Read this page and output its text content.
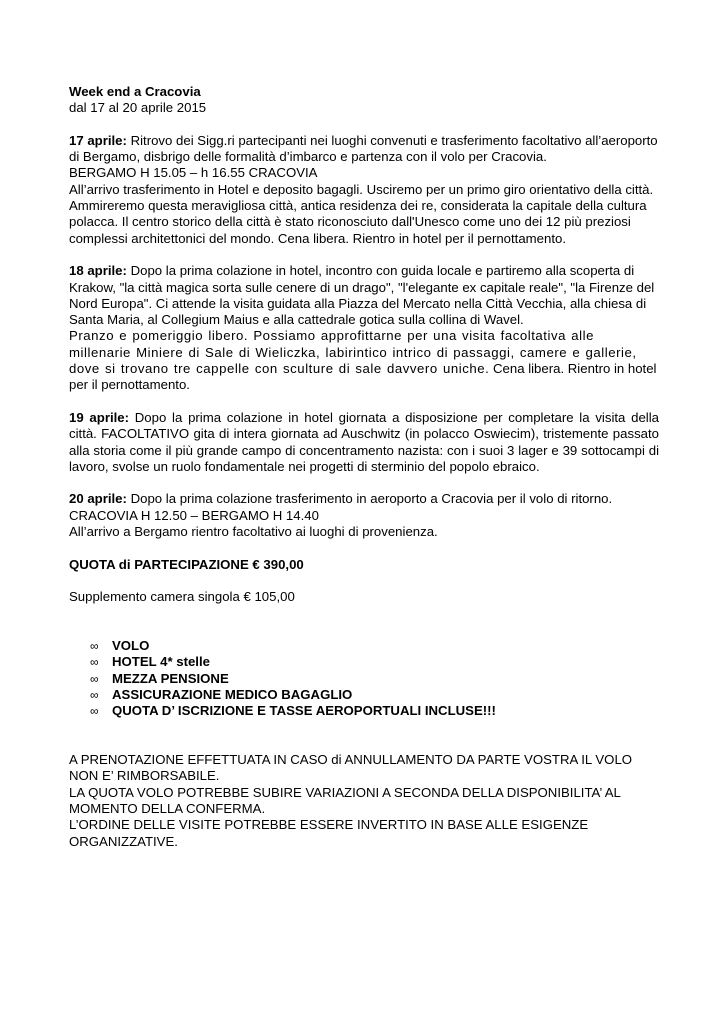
Week end a Cracovia

dal 17 al 20 aprile 2015

17 aprile: Ritrovo dei Sigg.ri partecipanti nei luoghi convenuti e trasferimento facoltativo all’aeroporto di Bergamo, disbrigo delle formalità d’imbarco e partenza con il volo per Cracovia.

BERGAMO H 15.05 – h 16.55 CRACOVIA

All’arrivo trasferimento in Hotel e deposito bagagli. Usciremo per un primo giro orientativo della città. Ammireremo questa meravigliosa città, antica residenza dei re, considerata la capitale della cultura polacca. Il centro storico della città è stato riconosciuto dall'Unesco come uno dei 12 più preziosi complessi architettonici del mondo. Cena libera. Rientro in hotel per il pernottamento.

18 aprile: Dopo la prima colazione in hotel, incontro con guida locale e partiremo alla scoperta di Krakow, "la città magica sorta sulle cenere di un drago", "l'elegante ex capitale reale", "la Firenze del Nord Europa". Ci attende la visita guidata alla Piazza del Mercato nella Città Vecchia, alla chiesa di Santa Maria, al Collegium Maius e alla cattedrale gotica sulla collina di Wavel.

Pranzo e pomeriggio libero. Possiamo approfittarne per una visita facoltativa alle millenarie Miniere di Sale di Wieliczka, labirintico intrico di passaggi, camere e gallerie, dove si trovano tre cappelle con sculture di sale davvero uniche. Cena libera. Rientro in hotel per il pernottamento.

19 aprile: Dopo la prima colazione in hotel giornata a disposizione per completare la visita della città. FACOLTATIVO gita di intera giornata ad Auschwitz (in polacco Oswiecim), tristemente passato alla storia come il più grande campo di concentramento nazista: con i suoi 3 lager e 39 sottocampi di lavoro, svolse un ruolo fondamentale nei progetti di sterminio del popolo ebraico.

20 aprile: Dopo la prima colazione trasferimento in aeroporto a Cracovia per il volo di ritorno.

CRACOVIA H 12.50 – BERGAMO H 14.40

All’arrivo a Bergamo rientro facoltativo ai luoghi di provenienza.

QUOTA di PARTECIPAZIONE € 390,00

Supplemento camera singola € 105,00

∞ VOLO
∞ HOTEL 4* stelle
∞ MEZZA PENSIONE
∞ ASSICURAZIONE MEDICO BAGAGLIO
∞ QUOTA D’ ISCRIZIONE E TASSE AEROPORTUALI INCLUSE!!!

A PRENOTAZIONE EFFETTUATA IN CASO di ANNULLAMENTO DA PARTE VOSTRA IL VOLO NON E’ RIMBORSABILE.

LA QUOTA VOLO POTREBBE SUBIRE VARIAZIONI A SECONDA DELLA DISPONIBILITA’ AL MOMENTO DELLA CONFERMA.

L’ORDINE DELLE VISITE POTREBBE ESSERE INVERTITO IN BASE ALLE ESIGENZE ORGANIZZATIVE.
